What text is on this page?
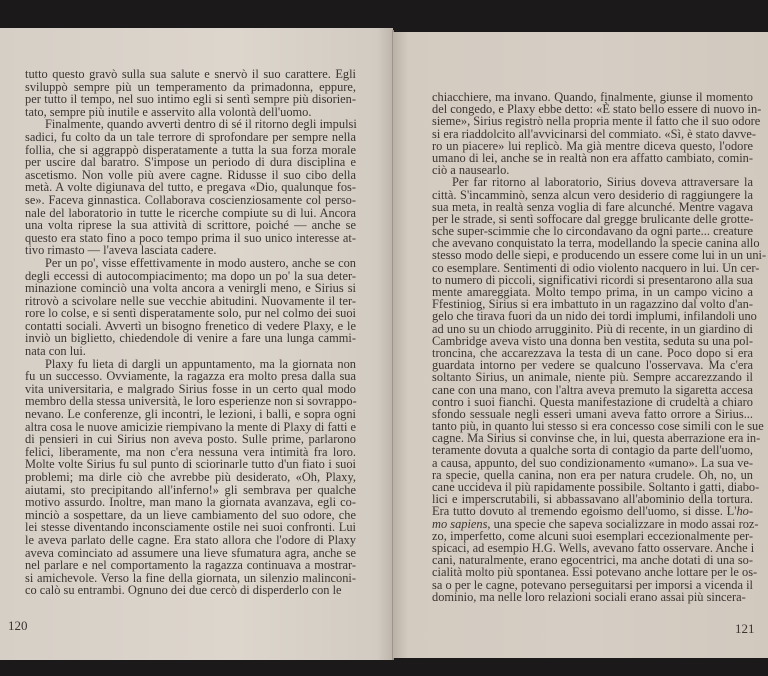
tutto questo gravò sulla sua salute e snervò il suo carattere. Egli
sviluppò sempre più un temperamento da primadonna, eppure,
per tutto il tempo, nel suo intimo egli si sentì sempre più disorien-
tato, sempre più inutile e asservito alla volontà dell'uomo.
Finalmente, quando avvertì dentro di sé il ritorno degli impulsi
sadici, fu colto da un tale terrore di sprofondare per sempre nella
follia, che si aggrappò disperatamente a tutta la sua forza morale
per uscire dal baratro. S'impose un periodo di dura disciplina e
ascetismo. Non volle più avere cagne. Ridusse il suo cibo della
metà. A volte digiunava del tutto, e pregava «Dio, qualunque fos-
se». Faceva ginnastica. Collaborava coscienziosamente col perso-
nale del laboratorio in tutte le ricerche compiute su di lui. Ancora
una volta riprese la sua attività di scrittore, poiché — anche se
questo era stato fino a poco tempo prima il suo unico interesse at-
tivo rimasto — l'aveva lasciata cadere.
Per un po', visse effettivamente in modo austero, anche se con
degli eccessi di autocompiacimento; ma dopo un po' la sua deter-
minazione cominciò una volta ancora a venirgli meno, e Sirius si
ritrovò a scivolare nelle sue vecchie abitudini. Nuovamente il ter-
rore lo colse, e si sentì disperatamente solo, pur nel colmo dei suoi
contatti sociali. Avvertì un bisogno frenetico di vedere Plaxy, e le
inviò un biglietto, chiedendole di venire a fare una lunga cammi-
nata con lui.
Plaxy fu lieta di dargli un appuntamento, ma la giornata non
fu un successo. Ovviamente, la ragazza era molto presa dalla sua
vita universitaria, e malgrado Sirius fosse in un certo qual modo
membro della stessa università, le loro esperienze non si sovrappo-
nevano. Le conferenze, gli incontri, le lezioni, i balli, e sopra ogni
altra cosa le nuove amicizie riempivano la mente di Plaxy di fatti e
di pensieri in cui Sirius non aveva posto. Sulle prime, parlarono
felici, liberamente, ma non c'era nessuna vera intimità fra loro.
Molte volte Sirius fu sul punto di sciorinarle tutto d'un fiato i suoi
problemi; ma dirle ciò che avrebbe più desiderato, «Oh, Plaxy,
aiutami, sto precipitando all'inferno!» gli sembrava per qualche
motivo assurdo. Inoltre, man mano la giornata avanzava, egli co-
minciò a sospettare, da un lieve cambiamento del suo odore, che
lei stesse diventando inconsciamente ostile nei suoi confronti. Lui
le aveva parlato delle cagne. Era stato allora che l'odore di Plaxy
aveva cominciato ad assumere una lieve sfumatura agra, anche se
nel parlare e nel comportamento la ragazza continuava a mostrar-
si amichevole. Verso la fine della giornata, un silenzio malinconi-
co calò su entrambi. Ognuno dei due cercò di disperderlo con le
120
chiacchiere, ma invano. Quando, finalmente, giunse il momento
del congedo, e Plaxy ebbe detto: «È stato bello essere di nuovo in-
sieme», Sirius registrò nella propria mente il fatto che il suo odore
si era riaddolcito all'avvicinarsi del commiato. «Sì, è stato davve-
ro un piacere» lui replicò. Ma già mentre diceva questo, l'odore
umano di lei, anche se in realtà non era affatto cambiato, comin-
ciò a nausearlo.
Per far ritorno al laboratorio, Sirius doveva attraversare la
città. S'incamminò, senza alcun vero desiderio di raggiungere la
sua meta, in realtà senza voglia di fare alcunché. Mentre vagava
per le strade, si sentì soffocare dal gregge brulicante delle grotte-
sche super-scimmie che lo circondavano da ogni parte... creature
che avevano conquistato la terra, modellando la specie canina allo
stesso modo delle siepi, e producendo un essere come lui in un uni-
co esemplare. Sentimenti di odio violento nacquero in lui. Un cer-
to numero di piccoli, significativi ricordi si presentarono alla sua
mente amareggiata. Molto tempo prima, in un campo vicino a
Ffestiniog, Sirius si era imbattuto in un ragazzino dal volto d'an-
gelo che tirava fuori da un nido dei tordi implumi, infilandoli uno
ad uno su un chiodo arrugginito. Più di recente, in un giardino di
Cambridge aveva visto una donna ben vestita, seduta su una pol-
troncina, che accarezzava la testa di un cane. Poco dopo si era
guardata intorno per vedere se qualcuno l'osservava. Ma c'era
soltanto Sirius, un animale, niente più. Sempre accarezzando il
cane con una mano, con l'altra aveva premuto la sigaretta accesa
contro i suoi fianchi. Questa manifestazione di crudeltà a chiaro
sfondo sessuale negli esseri umani aveva fatto orrore a Sirius...
tanto più, in quanto lui stesso si era concesso cose simili con le sue
cagne. Ma Sirius si convinse che, in lui, questa aberrazione era in-
teramente dovuta a qualche sorta di contagio da parte dell'uomo,
a causa, appunto, del suo condizionamento «umano». La sua ve-
ra specie, quella canina, non era per natura crudele. Oh, no, un
cane uccideva il più rapidamente possibile. Soltanto i gatti, diabo-
lici e imperscrutabili, si abbassavano all'abominio della tortura.
Era tutto dovuto al tremendo egoismo dell'uomo, si disse. L'ho-
mo sapiens, una specie che sapeva socializzare in modo assai roz-
zo, imperfetto, come alcuni suoi esemplari eccezionalmente per-
spicaci, ad esempio H.G. Wells, avevano fatto osservare. Anche i
cani, naturalmente, erano egocentrici, ma anche dotati di una so-
cialità molto più spontanea. Essi potevano anche lottare per le os-
sa o per le cagne, potevano perseguitarsi per imporsi a vicenda il
dominio, ma nelle loro relazioni sociali erano assai più sincera-
121
